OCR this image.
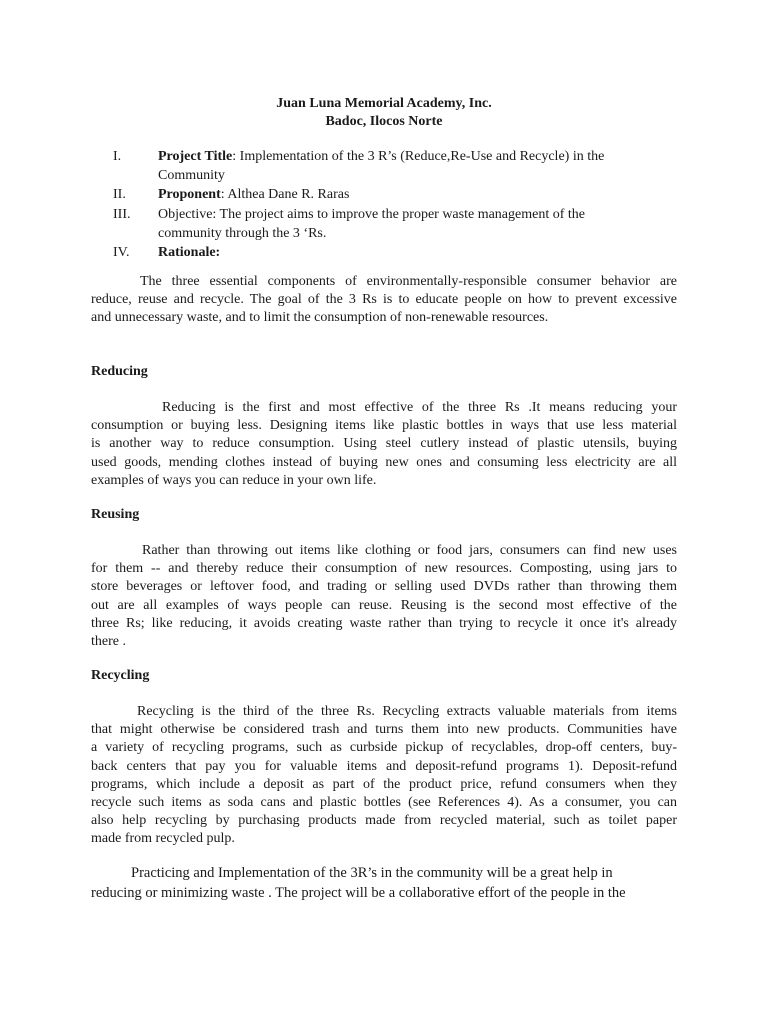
Juan Luna Memorial Academy, Inc.
Badoc, Ilocos Norte
I.	Project Title: Implementation of the 3 R’s (Reduce,Re-Use and Recycle) in the
Community
II. Proponent: Althea Dane R. Raras
III. Objective: The project aims to improve the proper waste management of the
community through the 3 ‘Rs.
IV. Rationale:
The three essential components of environmentally-responsible consumer behavior are
reduce, reuse and recycle. The goal of the 3 Rs is to educate people on how to prevent excessive
and unnecessary waste, and to limit the consumption of non-renewable resources.
Reducing
Reducing is the first and most effective of the three Rs .It means reducing your
consumption or buying less. Designing items like plastic bottles in ways that use less material
is another way to reduce consumption. Using steel cutlery instead of plastic utensils, buying
used goods, mending clothes instead of buying new ones and consuming less electricity are all
examples of ways you can reduce in your own life.
Reusing
Rather than throwing out items like clothing or food jars, consumers can find new uses
for them -- and thereby reduce their consumption of new resources. Composting, using jars to
store beverages or leftover food, and trading or selling used DVDs rather than throwing them
out are all examples of ways people can reuse. Reusing is the second most effective of the
three Rs; like reducing, it avoids creating waste rather than trying to recycle it once it's already
there .
Recycling
Recycling is the third of the three Rs. Recycling extracts valuable materials from items
that might otherwise be considered trash and turns them into new products. Communities have
a variety of recycling programs, such as curbside pickup of recyclables, drop-off centers, buy-
back centers that pay you for valuable items and deposit-refund programs 1). Deposit-refund
programs, which include a deposit as part of the product price, refund consumers when they
recycle such items as soda cans and plastic bottles (see References 4). As a consumer, you can
also help recycling by purchasing products made from recycled material, such as toilet paper
made from recycled pulp.
Practicing and Implementation of the 3R’s in the community will be a great help in
reducing or minimizing waste . The project will be a collaborative effort of the people in the
